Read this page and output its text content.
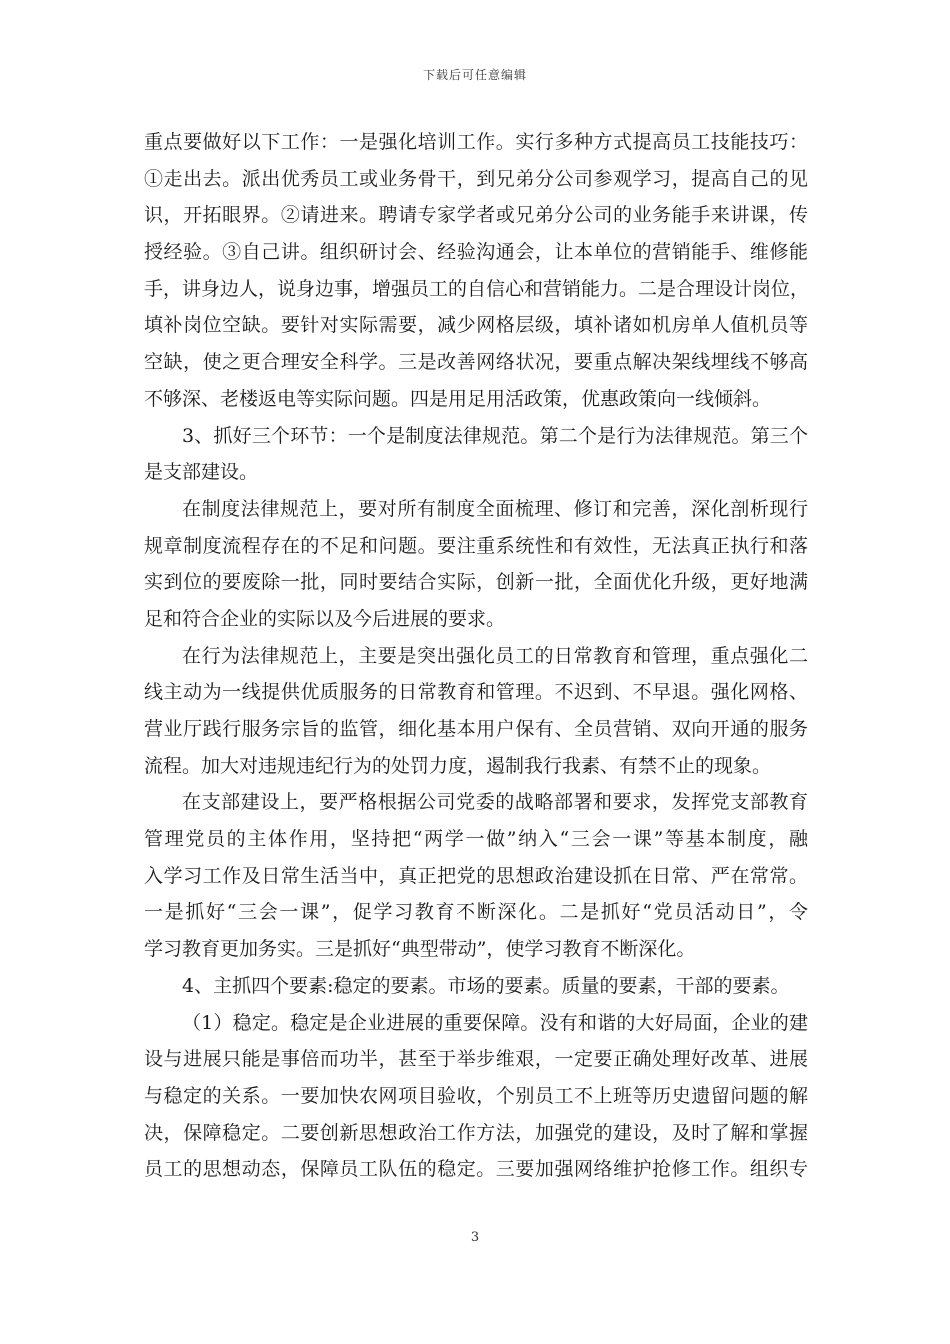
下载后可任意编辑
重点要做好以下工作：一是强化培训工作。实行多种方式提高员工技能技巧：
①走出去。派出优秀员工或业务骨干，到兄弟分公司参观学习，提高自己的见
识，开拓眼界。②请进来。聘请专家学者或兄弟分公司的业务能手来讲课，传
授经验。③自己讲。组织研讨会、经验沟通会，让本单位的营销能手、维修能
手，讲身边人，说身边事，增强员工的自信心和营销能力。二是合理设计岗位，
填补岗位空缺。要针对实际需要，减少网格层级，填补诸如机房单人值机员等
空缺，使之更合理安全科学。三是改善网络状况，要重点解决架线埋线不够高
不够深、老楼返电等实际问题。四是用足用活政策，优惠政策向一线倾斜。
3、抓好三个环节：一个是制度法律规范。第二个是行为法律规范。第三个
是支部建设。
在制度法律规范上，要对所有制度全面梳理、修订和完善，深化剖析现行
规章制度流程存在的不足和问题。要注重系统性和有效性，无法真正执行和落
实到位的要废除一批，同时要结合实际，创新一批，全面优化升级，更好地满
足和符合企业的实际以及今后进展的要求。
在行为法律规范上，主要是突出强化员工的日常教育和管理，重点强化二
线主动为一线提供优质服务的日常教育和管理。不迟到、不早退。强化网格、
营业厅践行服务宗旨的监管，细化基本用户保有、全员营销、双向开通的服务
流程。加大对违规违纪行为的处罚力度，遏制我行我素、有禁不止的现象。
在支部建设上，要严格根据公司党委的战略部署和要求，发挥党支部教育
管理党员的主体作用，坚持把“两学一做”纳入“三会一课”等基本制度，融
入学习工作及日常生活当中，真正把党的思想政治建设抓在日常、严在常常。
一是抓好“三会一课”，促学习教育不断深化。二是抓好“党员活动日”，令
学习教育更加务实。三是抓好“典型带动”，使学习教育不断深化。
4、主抓四个要素:稳定的要素。市场的要素。质量的要素，干部的要素。
（1）稳定。稳定是企业进展的重要保障。没有和谐的大好局面，企业的建
设与进展只能是事倍而功半，甚至于举步维艰，一定要正确处理好改革、进展
与稳定的关系。一要加快农网项目验收，个别员工不上班等历史遗留问题的解
决，保障稳定。二要创新思想政治工作方法，加强党的建设，及时了解和掌握
员工的思想动态，保障员工队伍的稳定。三要加强网络维护抢修工作。组织专
3
